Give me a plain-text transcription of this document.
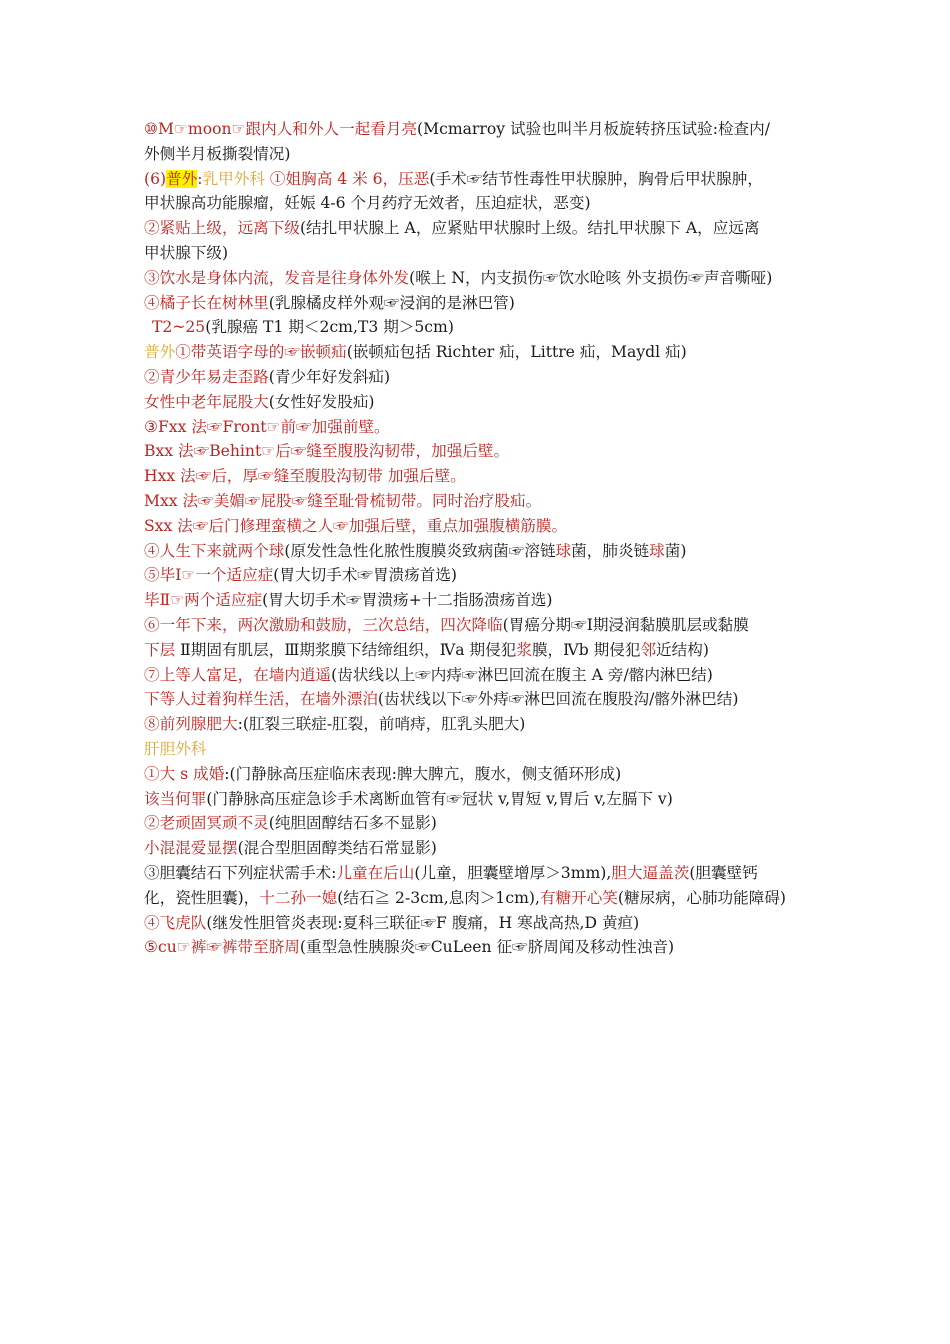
⑩M☞moon☞跟内人和外人一起看月亮(Mcmarroy 试验也叫半月板旋转挤压试验:检查内/
外侧半月板撕裂情况)
(6)普外:乳甲外科 ①姐胸高 4 米 6，压恶(手术☞结节性毒性甲状腺肿，胸骨后甲状腺肿，
甲状腺高功能腺瘤，妊娠 4-6 个月药疗无效者，压迫症状，恶变)
②紧贴上级，远离下级(结扎甲状腺上 A，应紧贴甲状腺时上级。结扎甲状腺下 A，应远离
甲状腺下级)
③饮水是身体内流，发音是往身体外发(喉上 N，内支损伤☞饮水呛咳 外支损伤☞声音嘶哑)
④橘子长在树林里(乳腺橘皮样外观☞浸润的是淋巴管)
T2~25(乳腺癌 T1 期＜2cm,T3 期＞5cm)
普外①带英语字母的☞嵌顿疝(嵌顿疝包括 Richter 疝，Littre 疝，Maydl 疝)
②青少年易走歪路(青少年好发斜疝)
女性中老年屁股大(女性好发股疝)
③Fxx 法☞Front☞前☞加强前壁。
Bxx 法☞Behint☞后☞缝至腹股沟韧带，加强后壁。
Hxx 法☞后，厚☞缝至腹股沟韧带 加强后壁。
Mxx 法☞美媚☞屁股☞缝至耻骨梳韧带。同时治疗股疝。
Sxx 法☞后门修理蛮横之人☞加强后壁，重点加强腹横筋膜。
④人生下来就两个球(原发性急性化脓性腹膜炎致病菌☞溶链球菌，肺炎链球菌)
⑤毕Ⅰ☞一个适应症(胃大切手术☞胃溃疡首选)
毕Ⅱ☞两个适应症(胃大切手术☞胃溃疡+十二指肠溃疡首选)
⑥一年下来，两次激励和鼓励，三次总结，四次降临(胃癌分期☞Ⅰ期浸润黏膜肌层或黏膜
下层 Ⅱ期固有肌层，Ⅲ期浆膜下结缔组织，Ⅳa 期侵犯浆膜，Ⅳb 期侵犯邻近结构)
⑦上等人富足，在墙内逍遥(齿状线以上☞内痔☞淋巴回流在腹主 A 旁/髂内淋巴结)
下等人过着狗样生活，在墙外漂泊(齿状线以下☞外痔☞淋巴回流在腹股沟/髂外淋巴结)
⑧前列腺肥大:(肛裂三联症-肛裂，前哨痔，肛乳头肥大)
肝胆外科
①大 s 成婚:(门静脉高压症临床表现:脾大脾亢，腹水，侧支循环形成)
该当何罪(门静脉高压症急诊手术离断血管有☞冠状 v,胃短 v,胃后 v,左膈下 v)
②老顽固冥顽不灵(纯胆固醇结石多不显影)
小混混爱显摆(混合型胆固醇类结石常显影)
③胆囊结石下列症状需手术:儿童在后山(儿童，胆囊壁增厚＞3mm),胆大逼盖茨(胆囊壁钙
化，瓷性胆囊)，十二孙一媳(结石≧ 2-3cm,息肉＞1cm),有糖开心笑(糖尿病，心肺功能障碍)
④飞虎队(继发性胆管炎表现:夏科三联征☞F 腹痛，H 寒战高热,D 黄疸)
⑤cu☞裤☞裤带至脐周(重型急性胰腺炎☞CuLeen 征☞脐周闻及移动性浊音)
